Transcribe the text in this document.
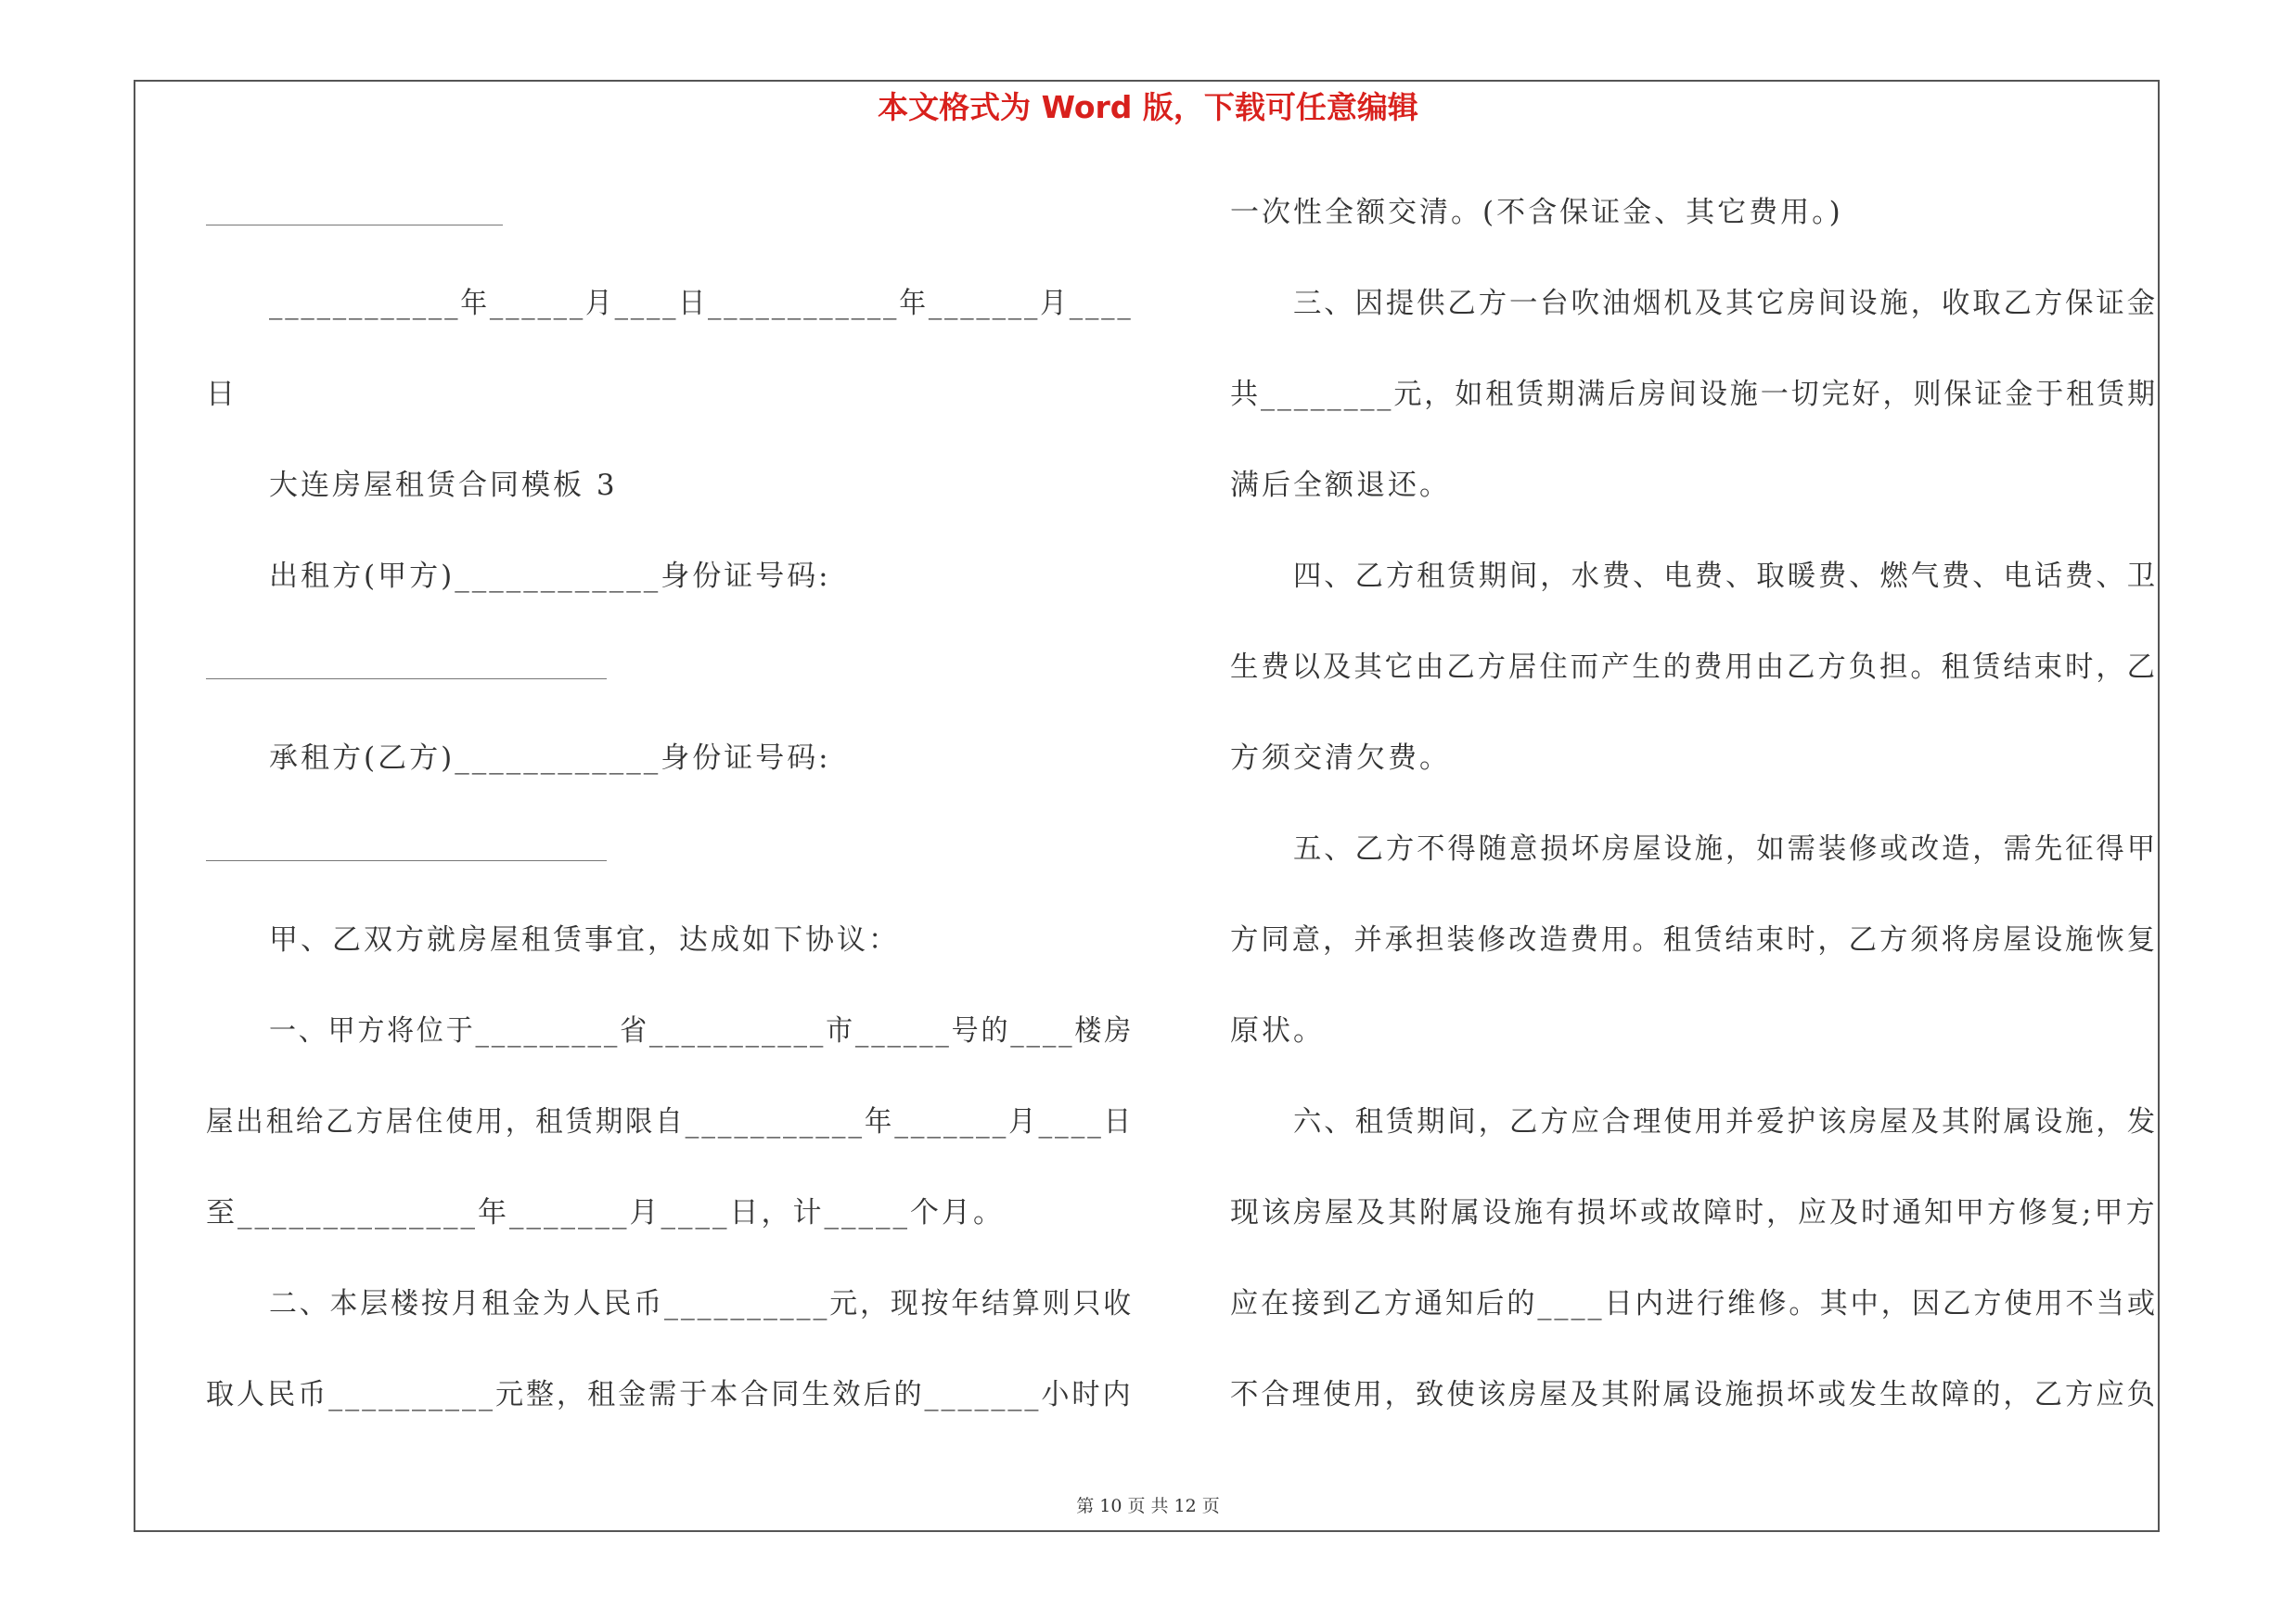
本文格式为 Word 版，下载可任意编辑
____________年______月____日____________年_______月____
日
大连房屋租赁合同模板 3
出租方(甲方)____________身份证号码:
承租方(乙方)____________身份证号码:
甲、乙双方就房屋租赁事宜，达成如下协议：
一、甲方将位于_________省___________市______号的____楼房
屋出租给乙方居住使用，租赁期限自___________年_______月____日
至______________年_______月____日，计_____个月。
二、本层楼按月租金为人民币__________元，现按年结算则只收
取人民币__________元整，租金需于本合同生效后的_______小时内
一次性全额交清。(不含保证金、其它费用。)
三、因提供乙方一台吹油烟机及其它房间设施，收取乙方保证金
共________元，如租赁期满后房间设施一切完好，则保证金于租赁期
满后全额退还。
四、乙方租赁期间，水费、电费、取暖费、燃气费、电话费、卫
生费以及其它由乙方居住而产生的费用由乙方负担。租赁结束时，乙
方须交清欠费。
五、乙方不得随意损坏房屋设施，如需装修或改造，需先征得甲
方同意，并承担装修改造费用。租赁结束时，乙方须将房屋设施恢复
原状。
六、租赁期间，乙方应合理使用并爱护该房屋及其附属设施，发
现该房屋及其附属设施有损坏或故障时，应及时通知甲方修复;甲方
应在接到乙方通知后的____日内进行维修。其中，因乙方使用不当或
不合理使用，致使该房屋及其附属设施损坏或发生故障的，乙方应负
第 10 页 共 12 页
